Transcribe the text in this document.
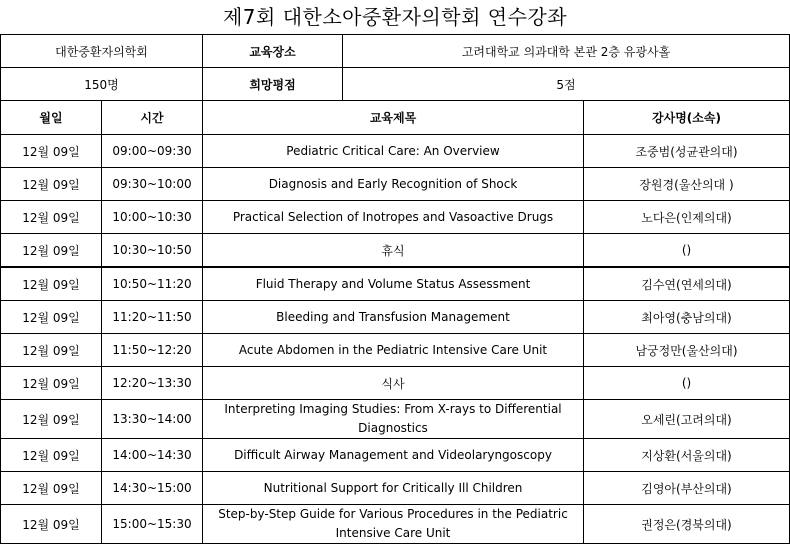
제7회 대한소아중환자의학회 연수강좌
대한중환자의학회		교육장소	고려대학교 의과대학 본관 2층 유광사홀	
150명		희망평점	5점	
월일	시간	교육제목		강사명(소속)
12월 09일	09:00~09:30	Pediatric Critical Care: An Overview		조중범(성균관의대)
12월 09일	09:30~10:00	Diagnosis and Early Recognition of Shock		장원경(울산의대 )
12월 09일	10:00~10:30	Practical Selection of Inotropes and Vasoactive Drugs		노다은(인제의대)
12월 09일	10:30~10:50	휴식		()
12월 09일	10:50~11:20	Fluid Therapy and Volume Status Assessment		김수연(연세의대)
12월 09일	11:20~11:50	Bleeding and Transfusion Management		최아영(충남의대)
12월 09일	11:50~12:20	Acute Abdomen in the Pediatric Intensive Care Unit		남궁정만(울산의대)
12월 09일	12:20~13:30	식사		()
12월 09일	13:30~14:00	Interpreting Imaging Studies: From X-rays to Differential Diagnostics		오세린(고려의대)
12월 09일	14:00~14:30	Difficult Airway Management and Videolaryngoscopy		지상환(서울의대)
12월 09일	14:30~15:00	Nutritional Support for Critically Ill Children		김영아(부산의대)
12월 09일	15:00~15:30	Step-by-Step Guide for Various Procedures in the Pediatric Intensive Care Unit		권정은(경북의대)
